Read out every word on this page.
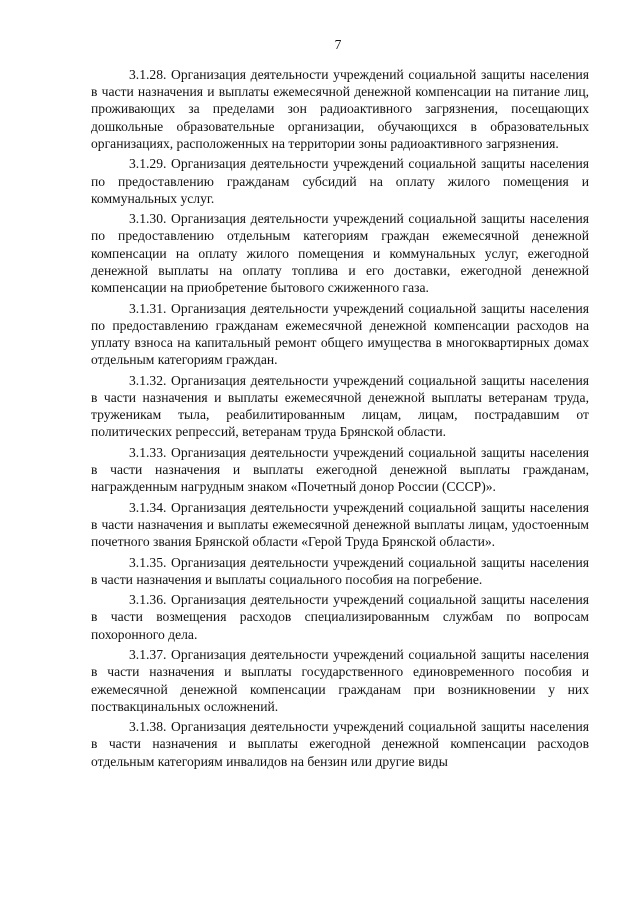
7

3.1.28. Организация деятельности учреждений социальной защиты населения в части назначения и выплаты ежемесячной денежной компенсации на питание лиц, проживающих за пределами зон радиоактивного загрязнения, посещающих дошкольные образовательные организации, обучающихся в образовательных организациях, расположенных на территории зоны радиоактивного загрязнения.

3.1.29. Организация деятельности учреждений социальной защиты населения по предоставлению гражданам субсидий на оплату жилого помещения и коммунальных услуг.

3.1.30. Организация деятельности учреждений социальной защиты населения по предоставлению отдельным категориям граждан ежемесячной денежной компенсации на оплату жилого помещения и коммунальных услуг, ежегодной денежной выплаты на оплату топлива и его доставки, ежегодной денежной компенсации на приобретение бытового сжиженного газа.

3.1.31. Организация деятельности учреждений социальной защиты населения по предоставлению гражданам ежемесячной денежной компенсации расходов на уплату взноса на капитальный ремонт общего имущества в многоквартирных домах отдельным категориям граждан.

3.1.32. Организация деятельности учреждений социальной защиты населения в части назначения и выплаты ежемесячной денежной выплаты ветеранам труда, труженикам тыла, реабилитированным лицам, лицам, пострадавшим от политических репрессий, ветеранам труда Брянской области.

3.1.33. Организация деятельности учреждений социальной защиты населения в части назначения и выплаты ежегодной денежной выплаты гражданам, награжденным нагрудным знаком «Почетный донор России (СССР)».

3.1.34. Организация деятельности учреждений социальной защиты населения в части назначения и выплаты ежемесячной денежной выплаты лицам, удостоенным почетного звания Брянской области «Герой Труда Брянской области».

3.1.35. Организация деятельности учреждений социальной защиты населения в части назначения и выплаты социального пособия на погребение.

3.1.36. Организация деятельности учреждений социальной защиты населения в части возмещения расходов специализированным службам по вопросам похоронного дела.

3.1.37. Организация деятельности учреждений социальной защиты населения в части назначения и выплаты государственного единовременного пособия и ежемесячной денежной компенсации гражданам при возникновении у них поствакцинальных осложнений.

3.1.38. Организация деятельности учреждений социальной защиты населения в части назначения и выплаты ежегодной денежной компенсации расходов отдельным категориям инвалидов на бензин или другие виды
